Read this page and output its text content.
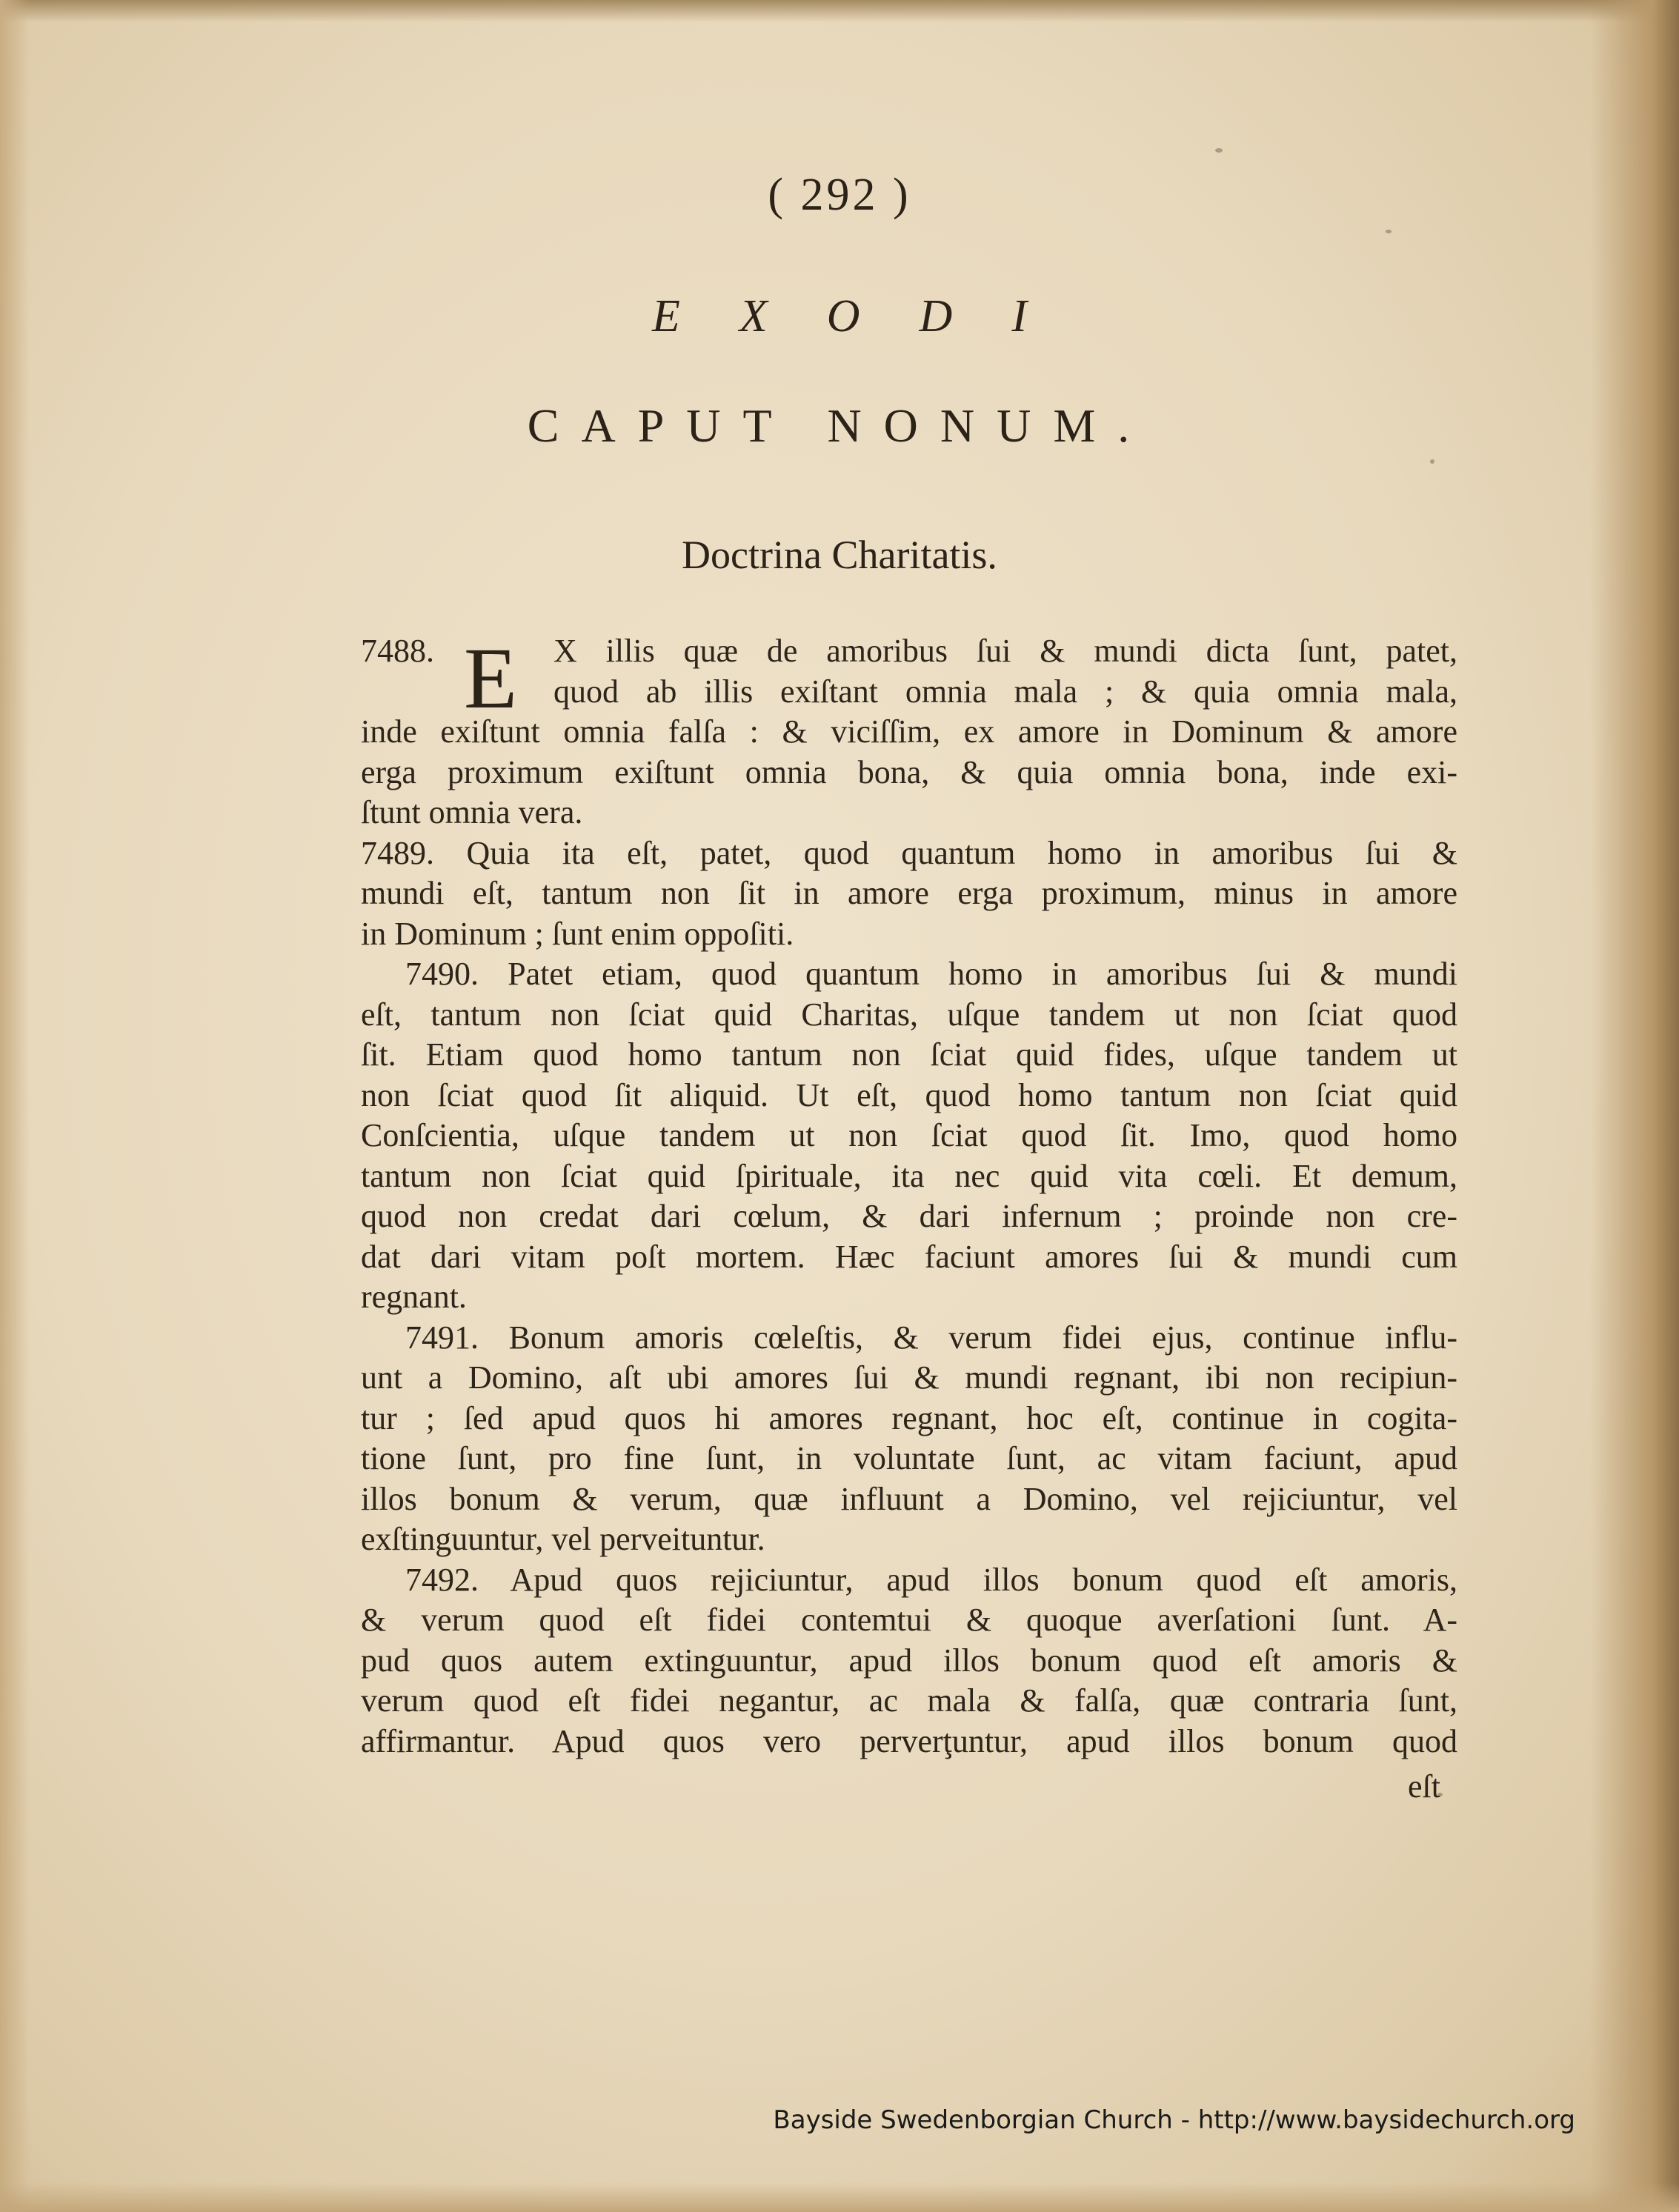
( 292 )
E X O D I
CAPUT NONUM.
Doctrina Charitatis.
7488.	X illis quæ de amoribus ſui & mundi dicta ſunt, patet,
E quod ab illis exiſtant omnia mala ; & quia omnia mala,
inde exiſtunt omnia falſa : & viciſſim, ex amore in Dominum & amore
erga proximum exiſtunt omnia bona, & quia omnia bona, inde exi-
ſtunt omnia vera.
7489. Quia ita eſt, patet, quod quantum homo in amoribus ſui &
mundi eſt, tantum non ſit in amore erga proximum, minus in amore
in Dominum ; ſunt enim oppoſiti.
7490. Patet etiam, quod quantum homo in amoribus ſui & mundi
eſt, tantum non ſciat quid Charitas, uſque tandem ut non ſciat quod
ſit. Etiam quod homo tantum non ſciat quid fides, uſque tandem ut
non ſciat quod ſit aliquid. Ut eſt, quod homo tantum non ſciat quid
Conſcientia, uſque tandem ut non ſciat quod ſit. Imo, quod homo
tantum non ſciat quid ſpirituale, ita nec quid vita cœli. Et demum,
quod non credat dari cœlum, & dari infernum ; proinde non cre-
dat dari vitam poſt mortem. Hæc faciunt amores ſui & mundi cum
regnant.
7491. Bonum amoris cœleſtis, & verum fidei ejus, continue influ-
unt a Domino, aſt ubi amores ſui & mundi regnant, ibi non recipiun-
tur ; ſed apud quos hi amores regnant, hoc eſt, continue in cogita-
tione ſunt, pro fine ſunt, in voluntate ſunt, ac vitam faciunt, apud
illos bonum & verum, quæ influunt a Domino, vel rejiciuntur, vel
exſtinguuntur, vel perveituntur.
7492. Apud quos rejiciuntur, apud illos bonum quod eſt amoris,
& verum quod eſt fidei contemtui & quoque averſationi ſunt. A-
pud quos autem extinguuntur, apud illos bonum quod eſt amoris &
verum quod eſt fidei negantur, ac mala & falſa, quæ contraria ſunt,
affirmantur. Apud quos vero perverţuntur, apud illos bonum quod
eſt
Bayside Swedenborgian Church - http://www.baysidechurch.org
